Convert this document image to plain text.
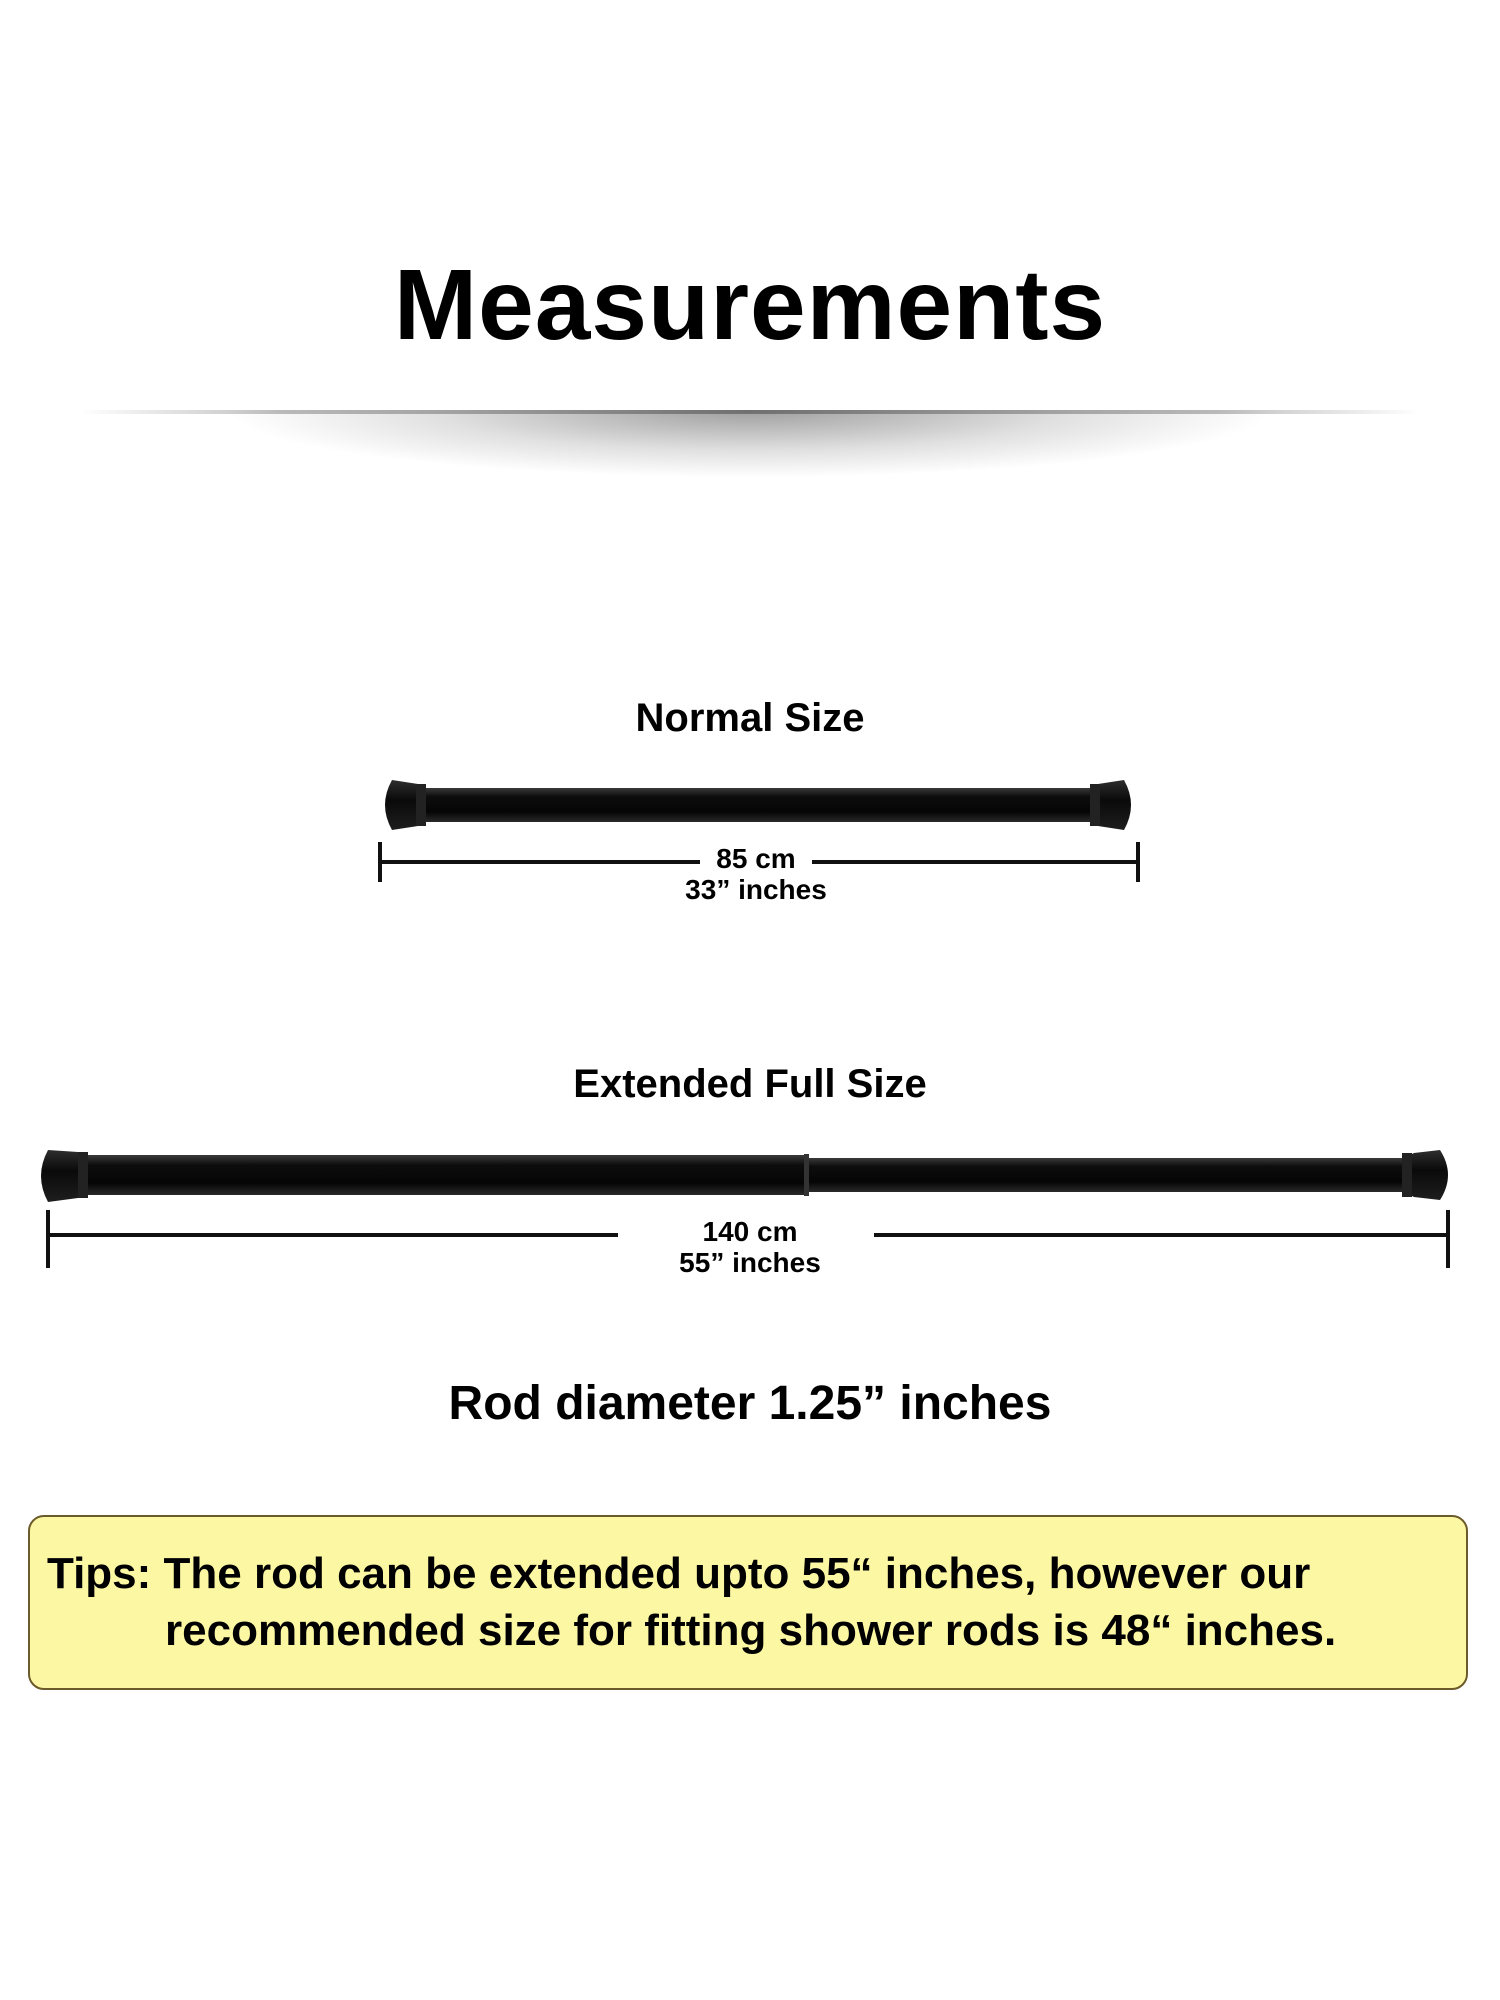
Measurements
Normal Size
85 cm
33” inches
Extended Full Size
140 cm
55” inches
Rod diameter 1.25” inches
Tips: The rod can be extended upto 55“ inches, however our
recommended size for fitting shower rods is 48“ inches.
